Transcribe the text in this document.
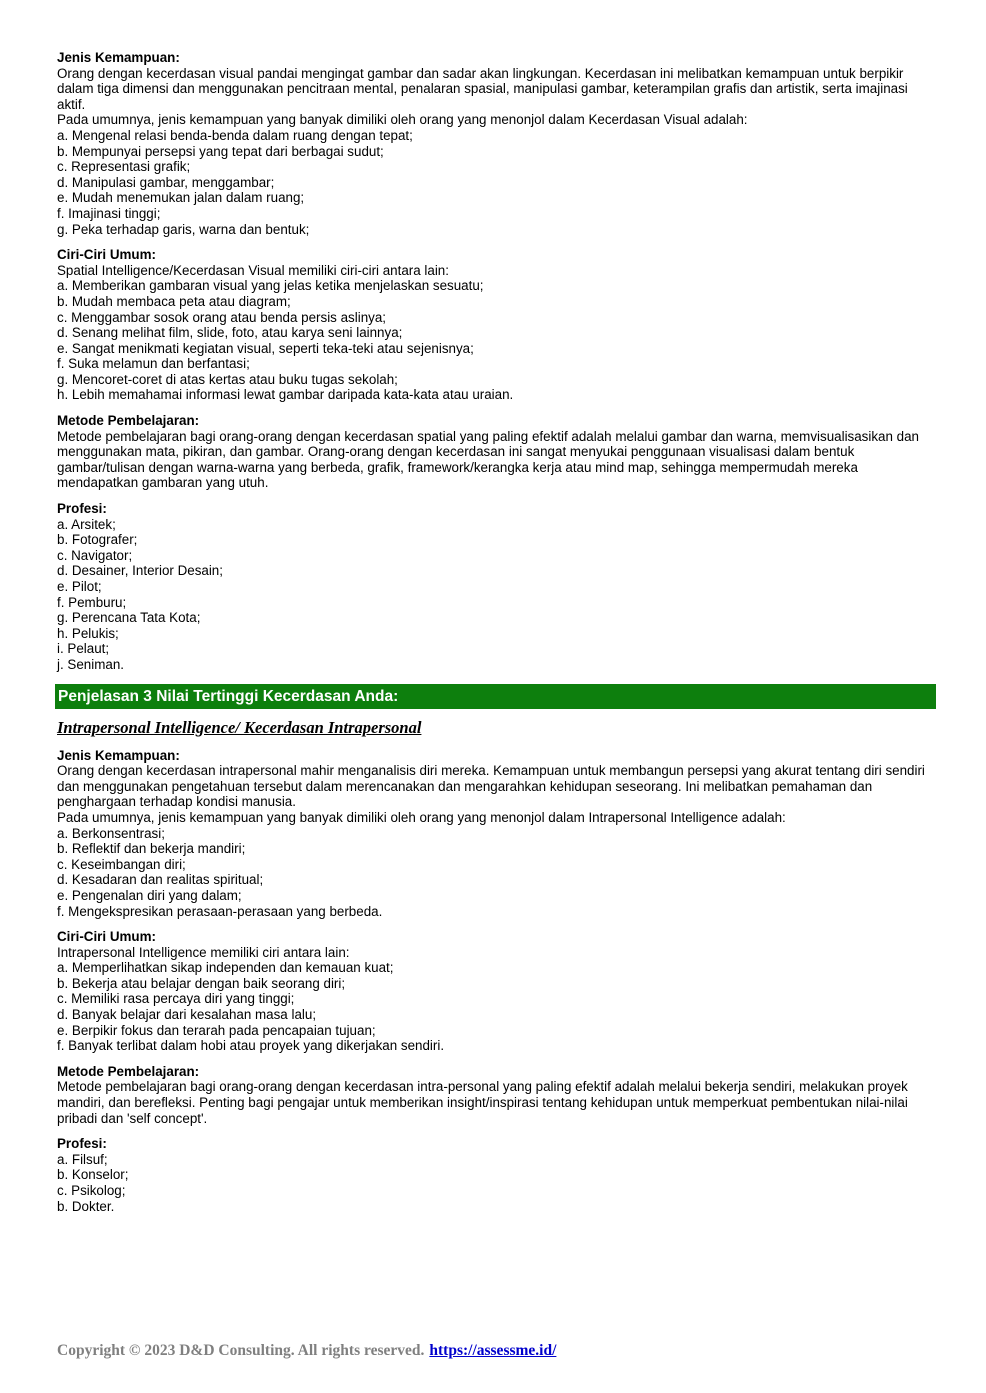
Jenis Kemampuan:

Orang dengan kecerdasan visual pandai mengingat gambar dan sadar akan lingkungan. Kecerdasan ini melibatkan kemampuan untuk berpikir dalam tiga dimensi dan menggunakan pencitraan mental, penalaran spasial, manipulasi gambar, keterampilan grafis dan artistik, serta imajinasi aktif.

Pada umumnya, jenis kemampuan yang banyak dimiliki oleh orang yang menonjol dalam Kecerdasan Visual adalah:

a. Mengenal relasi benda-benda dalam ruang dengan tepat;
b. Mempunyai persepsi yang tepat dari berbagai sudut;
c. Representasi grafik;
d. Manipulasi gambar, menggambar;
e. Mudah menemukan jalan dalam ruang;
f. Imajinasi tinggi;
g. Peka terhadap garis, warna dan bentuk;
Ciri-Ciri Umum:

Spatial Intelligence/Kecerdasan Visual memiliki ciri-ciri antara lain:

a. Memberikan gambaran visual yang jelas ketika menjelaskan sesuatu;
b. Mudah membaca peta atau diagram;
c. Menggambar sosok orang atau benda persis aslinya;
d. Senang melihat film, slide, foto, atau karya seni lainnya;
e. Sangat menikmati kegiatan visual, seperti teka-teki atau sejenisnya;
f. Suka melamun dan berfantasi;
g. Mencoret-coret di atas kertas atau buku tugas sekolah;
h. Lebih memahamai informasi lewat gambar daripada kata-kata atau uraian.
Metode Pembelajaran:

Metode pembelajaran bagi orang-orang dengan kecerdasan spatial yang paling efektif adalah melalui gambar dan warna, memvisualisasikan dan menggunakan mata, pikiran, dan gambar. Orang-orang dengan kecerdasan ini sangat menyukai penggunaan visualisasi dalam bentuk gambar/tulisan dengan warna-warna yang berbeda, grafik, framework/kerangka kerja atau mind map, sehingga mempermudah mereka mendapatkan gambaran yang utuh.

Profesi:
a. Arsitek;
b. Fotografer;
c. Navigator;
d. Desainer, Interior Desain;
e. Pilot;
f. Pemburu;
g. Perencana Tata Kota;
h. Pelukis;
i. Pelaut;
j. Seniman.
Penjelasan 3 Nilai Tertinggi Kecerdasan Anda:
Intrapersonal Intelligence/ Kecerdasan Intrapersonal
Jenis Kemampuan:

Orang dengan kecerdasan intrapersonal mahir menganalisis diri mereka. Kemampuan untuk membangun persepsi yang akurat tentang diri sendiri dan menggunakan pengetahuan tersebut dalam merencanakan dan mengarahkan kehidupan seseorang. Ini melibatkan pemahaman dan penghargaan terhadap kondisi manusia.

Pada umumnya, jenis kemampuan yang banyak dimiliki oleh orang yang menonjol dalam Intrapersonal Intelligence adalah:

a. Berkonsentrasi;
b. Reflektif dan bekerja mandiri;
c. Keseimbangan diri;
d. Kesadaran dan realitas spiritual;
e. Pengenalan diri yang dalam;
f. Mengekspresikan perasaan-perasaan yang berbeda.
Ciri-Ciri Umum:

Intrapersonal Intelligence memiliki ciri antara lain:

a. Memperlihatkan sikap independen dan kemauan kuat;
b. Bekerja atau belajar dengan baik seorang diri;
c. Memiliki rasa percaya diri yang tinggi;
d. Banyak belajar dari kesalahan masa lalu;
e. Berpikir fokus dan terarah pada pencapaian tujuan;
f. Banyak terlibat dalam hobi atau proyek yang dikerjakan sendiri.
Metode Pembelajaran:

Metode pembelajaran bagi orang-orang dengan kecerdasan intra-personal yang paling efektif adalah melalui bekerja sendiri, melakukan proyek mandiri, dan berefleksi. Penting bagi pengajar untuk memberikan insight/inspirasi tentang kehidupan untuk memperkuat pembentukan nilai-nilai pribadi dan 'self concept'.

Profesi:
a. Filsuf;
b. Konselor;
c. Psikolog;
b. Dokter.
Copyright © 2023 D&D Consulting. All rights reserved. https://assessme.id/
